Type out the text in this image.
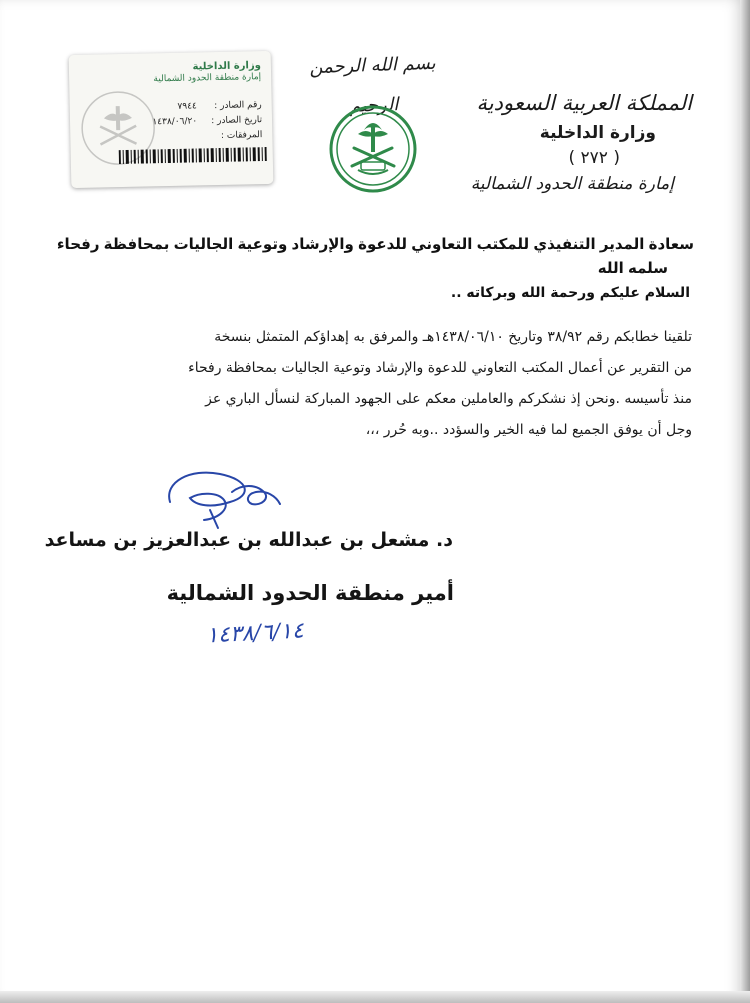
بسم الله الرحمن الرحيم	المملكة العربية السعودية
وزارة الداخلية
( ٢٧٢ )
إمارة منطقة الحدود الشمالية
وزارة الداخلية
إمارة منطقة الحدود الشمالية
رقم الصادر : ٧٩٤٤
تاريخ الصادر : ١٤٣٨/٠٦/٢٠
المرفقات :
سعادة المدير التنفيذي للمكتب التعاوني للدعوة والإرشاد وتوعية الجاليات بمحافظة رفحاءسلمه الله
السلام عليكم ورحمة الله وبركاته ..

تلقينا خطابكم رقم ٣٨/٩٢ وتاريخ ١٤٣٨/٠٦/١٠هـ والمرفق به إهداؤكم المتمثل بنسخة

من التقرير عن أعمال المكتب التعاوني للدعوة والإرشاد وتوعية الجاليات بمحافظة رفحاء

منذ تأسيسه .ونحن إذ نشكركم والعاملين معكم على الجهود المباركة لنسأل الباري عز

وجل أن يوفق الجميع لما فيه الخير والسؤدد ..وبه حُرر ،،،

د. مشعل بن عبدالله بن عبدالعزيز بن مساعد
أمير منطقة الحدود الشمالية
١٤٣٨/٦/١٤
